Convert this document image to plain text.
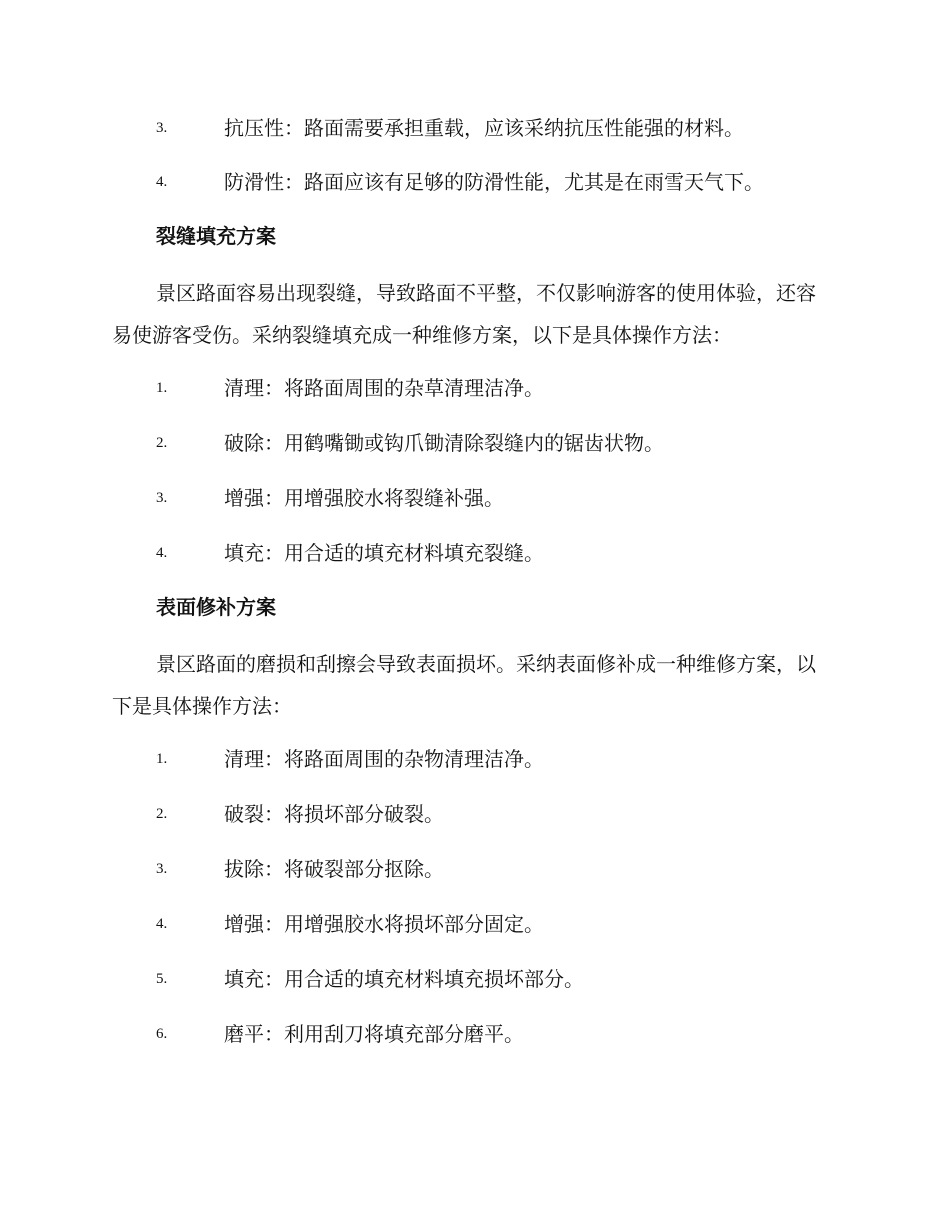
3.	抗压性：路面需要承担重载，应该采纳抗压性能强的材料。
4.	防滑性：路面应该有足够的防滑性能，尤其是在雨雪天气下。
裂缝填充方案

景区路面容易出现裂缝，导致路面不平整，不仅影响游客的使用体验，还容易使游客受伤。采纳裂缝填充成一种维修方案，以下是具体操作方法：

1.	清理：将路面周围的杂草清理洁净。
2.	破除：用鹤嘴锄或钩爪锄清除裂缝内的锯齿状物。
3.	增强：用增强胶水将裂缝补强。
4.	填充：用合适的填充材料填充裂缝。
表面修补方案

景区路面的磨损和刮擦会导致表面损坏。采纳表面修补成一种维修方案，以下是具体操作方法：

1.	清理：将路面周围的杂物清理洁净。
2.	破裂：将损坏部分破裂。
3.	拔除：将破裂部分抠除。
4.	增强：用增强胶水将损坏部分固定。
5.	填充：用合适的填充材料填充损坏部分。
6.	磨平：利用刮刀将填充部分磨平。
